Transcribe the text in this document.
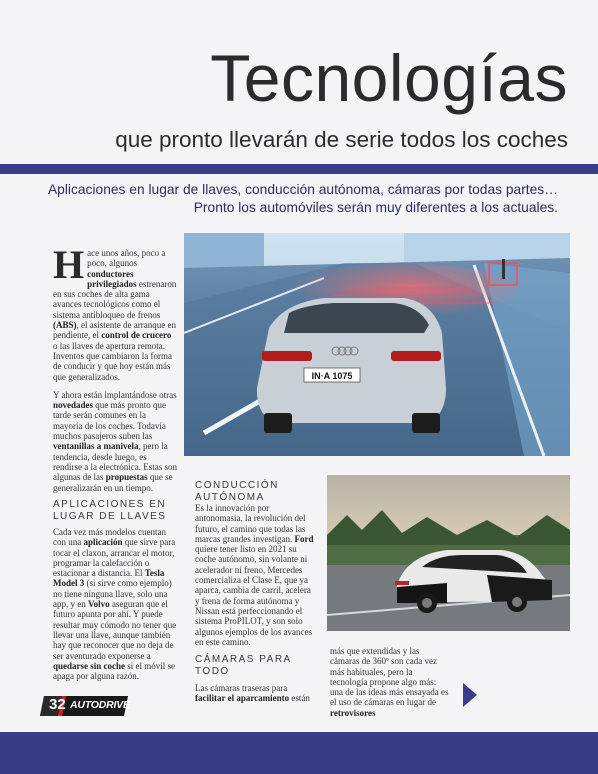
Tecnologías
que pronto llevarán de serie todos los coches
Aplicaciones en lugar de llaves, conducción autónoma, cámaras por todas partes…
Pronto los automóviles serán muy diferentes a los actuales.

Hace unos años, poco a poco, algunos conductores privilegiados estrenaron en sus coches de alta gama avances tecnológicos como el sistema antibloqueo de frenos (ABS), el asistente de arranque en pendiente, el control de crucero o las llaves de apertura remota. Inventos que cambiaron la forma de conducir y que hoy están más que generalizados.

Y ahora están implantándose otras novedades que más pronto que tarde serán comunes en la mayoría de los coches. Todavía muchos pasajeros suben las ventanillas a manivela, pero la tendencia, desde luego, es rendirse a la electrónica. Estas son algunas de las propuestas que se generalizarán en un tiempo.

APLICACIONES EN
LUGAR DE LLAVES

Cada vez más modelos cuentan con una aplicación que sirve para tocar el claxon, arrancar el motor, programar la calefacción o estacionar a distancia. El Tesla Model 3 (si sirve como ejemplo) no tiene ninguna llave, solo una app, y en Volvo aseguran que el futuro apunta por ahí. Y puede resultar muy cómodo no tener que llevar una llave, aunque también hay que reconocer que no deja de ser aventurado exponerse a quedarse sin coche si el móvil se apaga por alguna razón.

IN·A 1075
CONDUCCIÓN
AUTÓNOMA

Es la innovación por antonomasia, la revolución del futuro, el camino que todas las marcas grandes investigan. Ford quiere tener listo en 2021 su coche autónomo, sin volante ni acelerador ni freno, Mercedes comercializa el Clase E, que ya aparca, cambia de carril, acelera y frena de forma autónoma y Nissan está perfeccionando el sistema ProPILOT, y son solo algunos ejemplos de los avances en este camino.

CÁMARAS PARA
TODO

Las cámaras traseras para facilitar el aparcamiento están

más que extendidas y las cámaras de 360º son cada vez más habituales, pero la tecnología propone algo más: una de las ideas más ensayada es el uso de cámaras en lugar de retrovisores

32 AUTODRIVE
